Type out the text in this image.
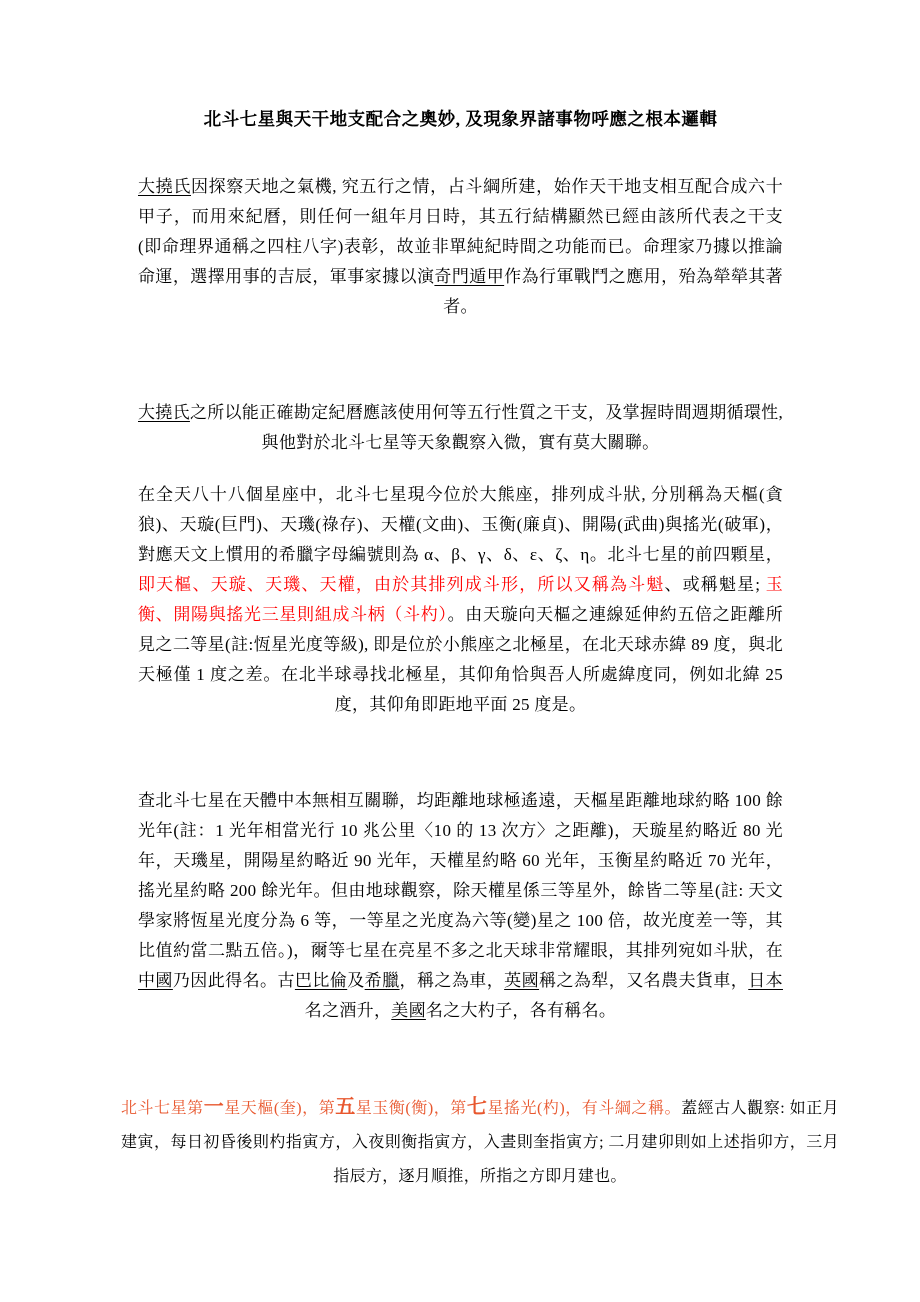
北斗七星與天干地支配合之奧妙, 及現象界諸事物呼應之根本邏輯

大撓氏因探察天地之氣機, 究五行之情，占斗綱所建，始作天干地支相互配合成六十甲子，而用來紀曆，則任何一組年月日時，其五行結構顯然已經由該所代表之干支(即命理界通稱之四柱八字)表彰，故並非單純紀時間之功能而已。命理家乃據以推論命運，選擇用事的吉辰，軍事家據以演奇門遁甲作為行軍戰鬥之應用，殆為犖犖其著者。

大撓氏之所以能正確勘定紀曆應該使用何等五行性質之干支，及掌握時間週期循環性, 與他對於北斗七星等天象觀察入微，實有莫大關聯。

在全天八十八個星座中，北斗七星現今位於大熊座，排列成斗狀, 分別稱為天樞(貪狼)、天璇(巨門)、天璣(祿存)、天權(文曲)、玉衡(廉貞)、開陽(武曲)與搖光(破軍)，對應天文上慣用的希臘字母編號則為 α、β、γ、δ、ε、ζ、η。北斗七星的前四顆星，即天樞、天璇、天璣、天權，由於其排列成斗形，所以又稱為斗魁、或稱魁星; 玉衡、開陽與搖光三星則組成斗柄（斗杓）。由天璇向天樞之連線延伸約五倍之距離所見之二等星(註:恆星光度等級), 即是位於小熊座之北極星，在北天球赤緯 89 度，與北天極僅 1 度之差。在北半球尋找北極星，其仰角恰與吾人所處緯度同，例如北緯 25 度，其仰角即距地平面 25 度是。

查北斗七星在天體中本無相互關聯，均距離地球極遙遠，天樞星距離地球約略 100 餘光年(註：1 光年相當光行 10 兆公里〈10 的 13 次方〉之距離)，天璇星約略近 80 光年，天璣星，開陽星約略近 90 光年，天權星約略 60 光年，玉衡星約略近 70 光年，搖光星約略 200 餘光年。但由地球觀察，除天權星係三等星外，餘皆二等星(註: 天文學家將恆星光度分為 6 等，一等星之光度為六等(變)星之 100 倍，故光度差一等，其比值約當二點五倍。)，爾等七星在亮星不多之北天球非常耀眼，其排列宛如斗狀，在中國乃因此得名。古巴比倫及希臘，稱之為車，英國稱之為犁，又名農夫貨車，日本名之酒升，美國名之大杓子，各有稱名。

北斗七星第一星天樞(奎)，第五星玉衡(衡)，第七星搖光(杓)，有斗綱之稱。蓋經古人觀察: 如正月建寅，每日初昏後則杓指寅方，入夜則衡指寅方，入晝則奎指寅方; 二月建卯則如上述指卯方，三月指辰方，逐月順推，所指之方即月建也。
